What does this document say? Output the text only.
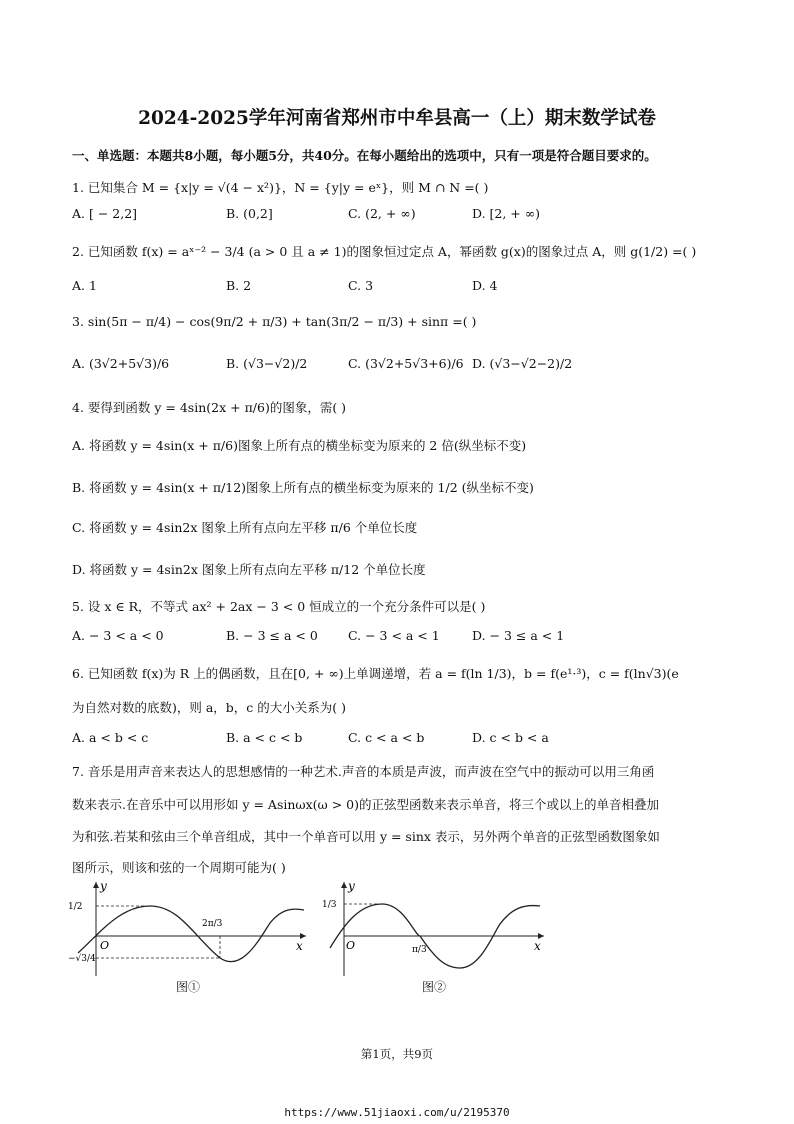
2024-2025学年河南省郑州市中牟县高一（上）期末数学试卷
一、单选题：本题共8小题，每小题5分，共40分。在每小题给出的选项中，只有一项是符合题目要求的。
1. 已知集合 M = {x|y = √(4 − x²)}，N = {y|y = eˣ}，则 M ∩ N =( )
A. [ − 2,2]	B. (0,2]	C. (2, + ∞)	D. [2, + ∞)
2. 已知函数 f(x) = aˣ⁻² − 3/4 (a > 0 且 a ≠ 1)的图象恒过定点 A，幂函数 g(x)的图象过点 A，则 g(1/2) =( )
A. 1	B. 2	C. 3	D. 4
3. sin(5π − π/4) − cos(9π/2 + π/3) + tan(3π/2 − π/3) + sinπ =( )
A. (3√2+5√3)/6	B. (√3−√2)/2	C. (3√2+5√3+6)/6 D. (√3−√2−2)/2
4. 要得到函数 y = 4sin(2x + π/6)的图象，需( )
A. 将函数 y = 4sin(x + π/6)图象上所有点的横坐标变为原来的 2 倍(纵坐标不变)
B. 将函数 y = 4sin(x + π/12)图象上所有点的横坐标变为原来的 1/2 (纵坐标不变)
C. 将函数 y = 4sin2x 图象上所有点向左平移 π/6 个单位长度
D. 将函数 y = 4sin2x 图象上所有点向左平移 π/12 个单位长度
5. 设 x ∈ R，不等式 ax² + 2ax − 3 < 0 恒成立的一个充分条件可以是( )
A. − 3 < a < 0	B. − 3 ≤ a < 0 C. − 3 < a < 1	D. − 3 ≤ a < 1
6. 已知函数 f(x)为 R 上的偶函数，且在[0, + ∞)上单调递增，若 a = f(ln 1/3)，b = f(e¹·³)，c = f(ln√3)(e
为自然对数的底数)，则 a，b，c 的大小关系为( )
A. a < b < c	B. a < c < b	C. c < a < b	D. c < b < a
7. 音乐是用声音来表达人的思想感情的一种艺术.声音的本质是声波，而声波在空气中的振动可以用三角函
数来表示.在音乐中可以用形如 y = Asinωx(ω > 0)的正弦型函数来表示单音，将三个或以上的单音相叠加
为和弦.若某和弦由三个单音组成，其中一个单音可以用 y = sinx 表示，另外两个单音的正弦型函数图象如
图所示，则该和弦的一个周期可能为( )
y
x
O
1/2
−√3/4
2π/3
图①
y
x
O
1/3
π/3
图②
第1页，共9页
https://www.51jiaoxi.com/u/2195370
